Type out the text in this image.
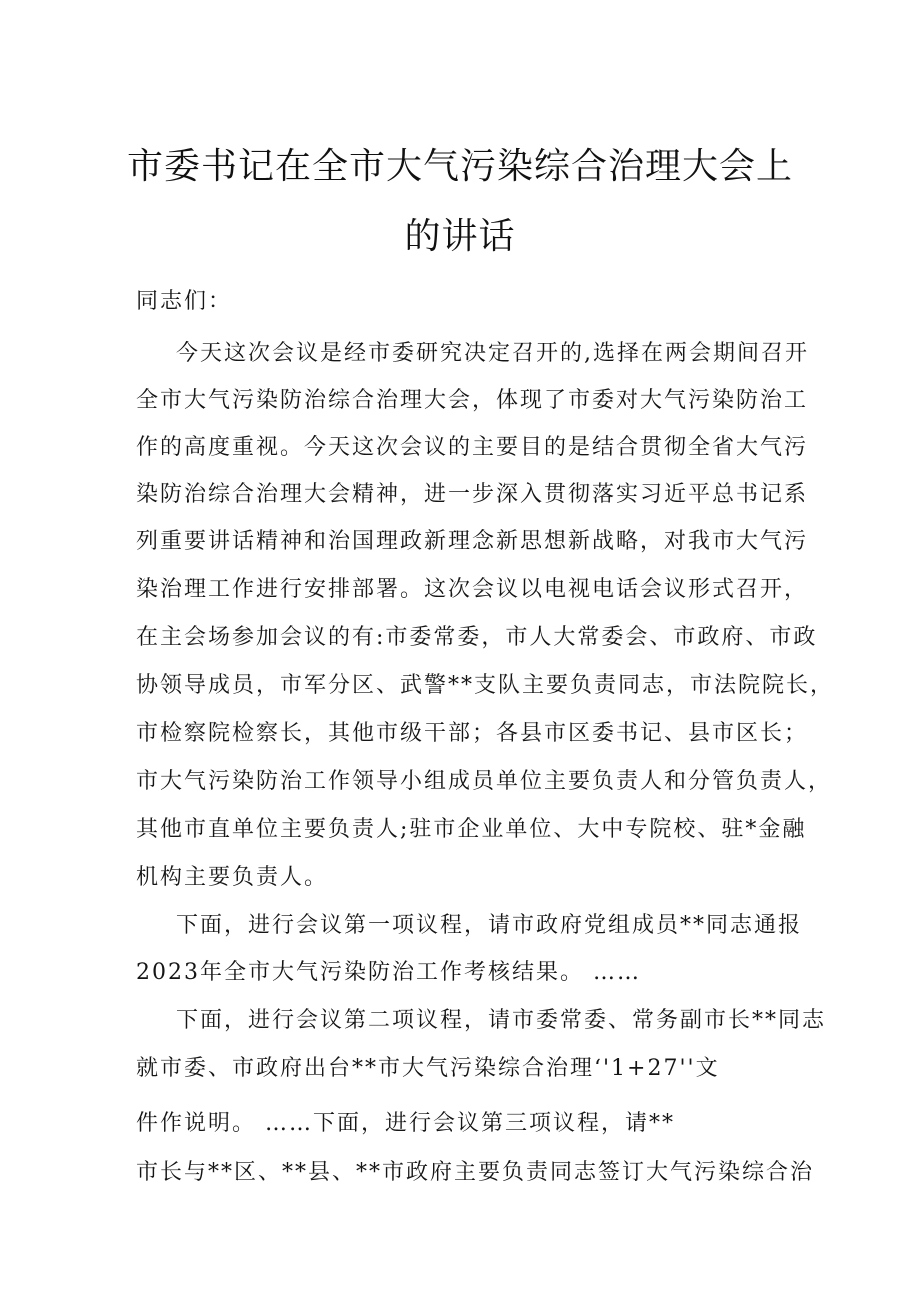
市委书记在全市大气污染综合治理大会上
的讲话
同志们：
今天这次会议是经市委研究决定召开的,选择在两会期间召开
全市大气污染防治综合治理大会，体现了市委对大气污染防治工
作的高度重视。今天这次会议的主要目的是结合贯彻全省大气污
染防治综合治理大会精神，进一步深入贯彻落实习近平总书记系
列重要讲话精神和治国理政新理念新思想新战略，对我市大气污
染治理工作进行安排部署。这次会议以电视电话会议形式召开，
在主会场参加会议的有:市委常委，市人大常委会、市政府、市政
协领导成员，市军分区、武警**支队主要负责同志，市法院院长，
市检察院检察长，其他市级干部；各县市区委书记、县市区长；
市大气污染防治工作领导小组成员单位主要负责人和分管负责人，
其他市直单位主要负责人;驻市企业单位、大中专院校、驻*金融
机构主要负责人。
下面，进行会议第一项议程，请市政府党组成员**同志通报
2023年全市大气污染防治工作考核结果。 ……
下面，进行会议第二项议程，请市委常委、常务副市长**同志
就市委、市政府出台**市大气污染综合治理‘'1+27''文
件作说明。 ……下面，进行会议第三项议程，请**
市长与**区、**县、**市政府主要负责同志签订大气污染综合治
